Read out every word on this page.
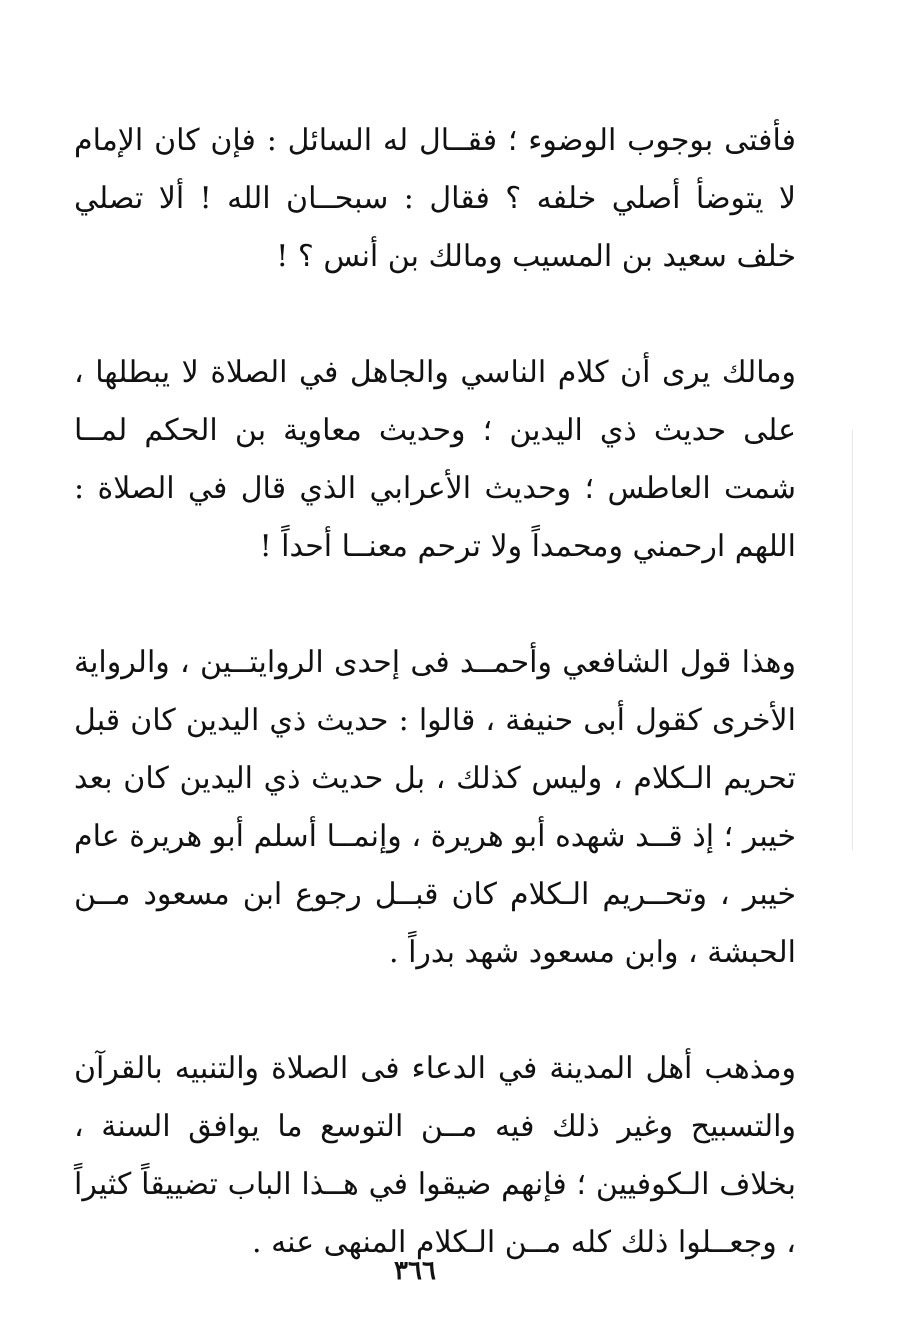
فأفتى بوجوب الوضوء ؛ فقــال له السائل : فإن كان الإمام لا يتوضأ أصلي خلفه ؟ فقال : سبحــان الله ! ألا تصلي خلف سعيد بن المسيب ومالك بن أنس ؟ !

ومالك يرى أن كلام الناسي والجاهل في الصلاة لا يبطلها ، على حديث ذي اليدين ؛ وحديث معاوية بن الحكم لمــا شمت العاطس ؛ وحديث الأعرابي الذي قال في الصلاة : اللهم ارحمني ومحمداً ولا ترحم معنــا أحداً !

وهذا قول الشافعي وأحمــد فى إحدى الروايتــين ، والرواية الأخرى كقول أبى حنيفة ، قالوا : حديث ذي اليدين كان قبل تحريم الـكلام ، وليس كذلك ، بل حديث ذي اليدين كان بعد خيبر ؛ إذ قــد شهده أبو هريرة ، وإنمــا أسلم أبو هريرة عام خيبر ، وتحــريم الـكلام كان قبــل رجوع ابن مسعود مــن الحبشة ، وابن مسعود شهد بدراً .

ومذهب أهل المدينة في الدعاء فى الصلاة والتنبيه بالقرآن والتسبيح وغير ذلك فيه مــن التوسع ما يوافق السنة ، بخلاف الـكوفيين ؛ فإنهم ضيقوا في هــذا الباب تضييقاً كثيراً ، وجعــلوا ذلك كله مــن الـكلام المنهى عنه .

٣٦٦
